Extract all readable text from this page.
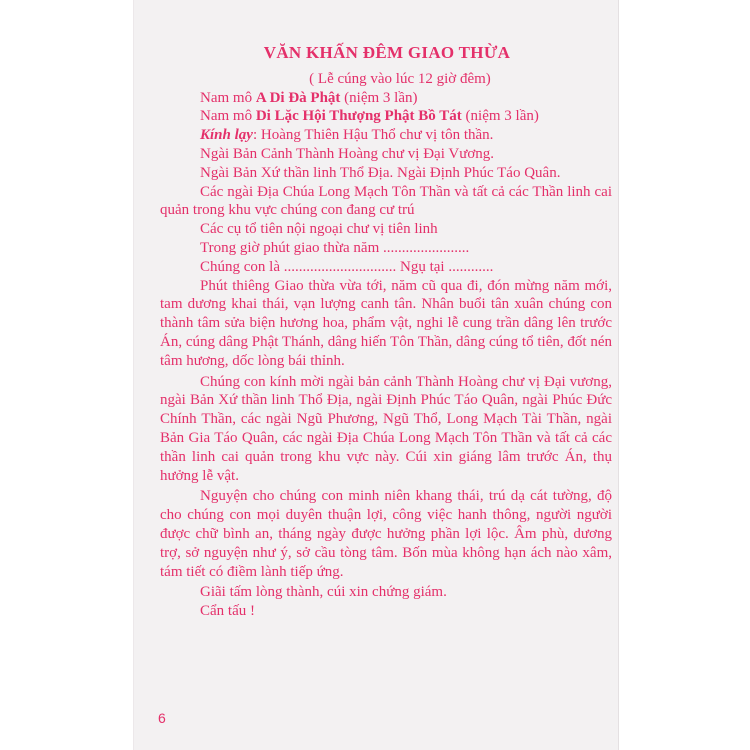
VĂN KHẤN ĐÊM GIAO THỪA
( Lễ cúng vào lúc 12 giờ đêm)
Nam mô A Di Đà Phật (niệm 3 lần)
Nam mô Di Lặc Hội Thượng Phật Bồ Tát (niệm 3 lần)
Kính lạy: Hoàng Thiên Hậu Thổ chư vị tôn thần.
Ngài Bản Cảnh Thành Hoàng chư vị Đại Vương.
Ngài Bản Xứ thần linh Thổ Địa. Ngài Định Phúc Táo Quân.
Các ngài Địa Chúa Long Mạch Tôn Thần và tất cả các Thần linh cai quản trong khu vực chúng con đang cư trú
Các cụ tổ tiên nội ngoại chư vị tiên linh
Trong giờ phút giao thừa năm .......................
Chúng con là .............................. Ngụ tại ............
Phút thiêng Giao thừa vừa tới, năm cũ qua đi, đón mừng năm mới, tam dương khai thái, vạn lượng canh tân. Nhân buổi tân xuân chúng con thành tâm sửa biện hương hoa, phẩm vật, nghi lễ cung trần dâng lên trước Án, cúng dâng Phật Thánh, dâng hiến Tôn Thần, dâng cúng tổ tiên, đốt nén tâm hương, dốc lòng bái thỉnh.
Chúng con kính mời ngài bản cảnh Thành Hoàng chư vị Đại vương, ngài Bản Xứ thần linh Thổ Địa, ngài Định Phúc Táo Quân, ngài Phúc Đức Chính Thần, các ngài Ngũ Phương, Ngũ Thổ, Long Mạch Tài Thần, ngài Bản Gia Táo Quân, các ngài Địa Chúa Long Mạch Tôn Thần và tất cả các thần linh cai quản trong khu vực này. Cúi xin giáng lâm trước Án, thụ hưởng lễ vật.
Nguyện cho chúng con minh niên khang thái, trú dạ cát tường, độ cho chúng con mọi duyên thuận lợi, công việc hanh thông, người người được chữ bình an, tháng ngày được hưởng phần lợi lộc. Âm phù, dương trợ, sở nguyện như ý, sở cầu tòng tâm. Bốn mùa không hạn ách nào xâm, tám tiết có điềm lành tiếp ứng.
Giãi tấm lòng thành, cúi xin chứng giám.
Cẩn tấu !
6
